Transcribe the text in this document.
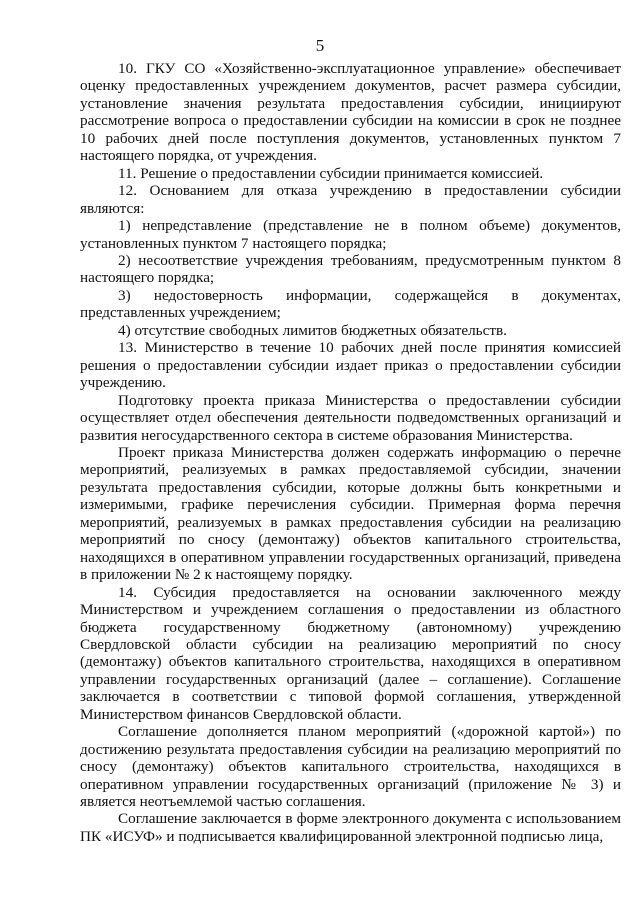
5

10. ГКУ СО «Хозяйственно-эксплуатационное управление» обеспечивает оценку предоставленных учреждением документов, расчет размера субсидии, установление значения результата предоставления субсидии, инициируют рассмотрение вопроса о предоставлении субсидии на комиссии в срок не позднее 10 рабочих дней после поступления документов, установленных пунктом 7 настоящего порядка, от учреждения.

11. Решение о предоставлении субсидии принимается комиссией.

12. Основанием для отказа учреждению в предоставлении субсидии являются:

1) непредставление (представление не в полном объеме) документов, установленных пунктом 7 настоящего порядка;

2) несоответствие учреждения требованиям, предусмотренным пунктом 8 настоящего порядка;

3) недостоверность информации, содержащейся в документах, представленных учреждением;

4) отсутствие свободных лимитов бюджетных обязательств.

13. Министерство в течение 10 рабочих дней после принятия комиссией решения о предоставлении субсидии издает приказ о предоставлении субсидии учреждению.

Подготовку проекта приказа Министерства о предоставлении субсидии осуществляет отдел обеспечения деятельности подведомственных организаций и развития негосударственного сектора в системе образования Министерства.

Проект приказа Министерства должен содержать информацию о перечне мероприятий, реализуемых в рамках предоставляемой субсидии, значении результата предоставления субсидии, которые должны быть конкретными и измеримыми, графике перечисления субсидии. Примерная форма перечня мероприятий, реализуемых в рамках предоставления субсидии на реализацию мероприятий по сносу (демонтажу) объектов капитального строительства, находящихся в оперативном управлении государственных организаций, приведена в приложении № 2 к настоящему порядку.

14. Субсидия предоставляется на основании заключенного между Министерством и учреждением соглашения о предоставлении из областного бюджета государственному бюджетному (автономному) учреждению Свердловской области субсидии на реализацию мероприятий по сносу (демонтажу) объектов капитального строительства, находящихся в оперативном управлении государственных организаций (далее – соглашение). Соглашение заключается в соответствии с типовой формой соглашения, утвержденной Министерством финансов Свердловской области.

Соглашение дополняется планом мероприятий («дорожной картой») по достижению результата предоставления субсидии на реализацию мероприятий по сносу (демонтажу) объектов капитального строительства, находящихся в оперативном управлении государственных организаций (приложение № 3) и является неотъемлемой частью соглашения.

Соглашение заключается в форме электронного документа с использованием ПК «ИСУФ» и подписывается квалифицированной электронной подписью лица,
